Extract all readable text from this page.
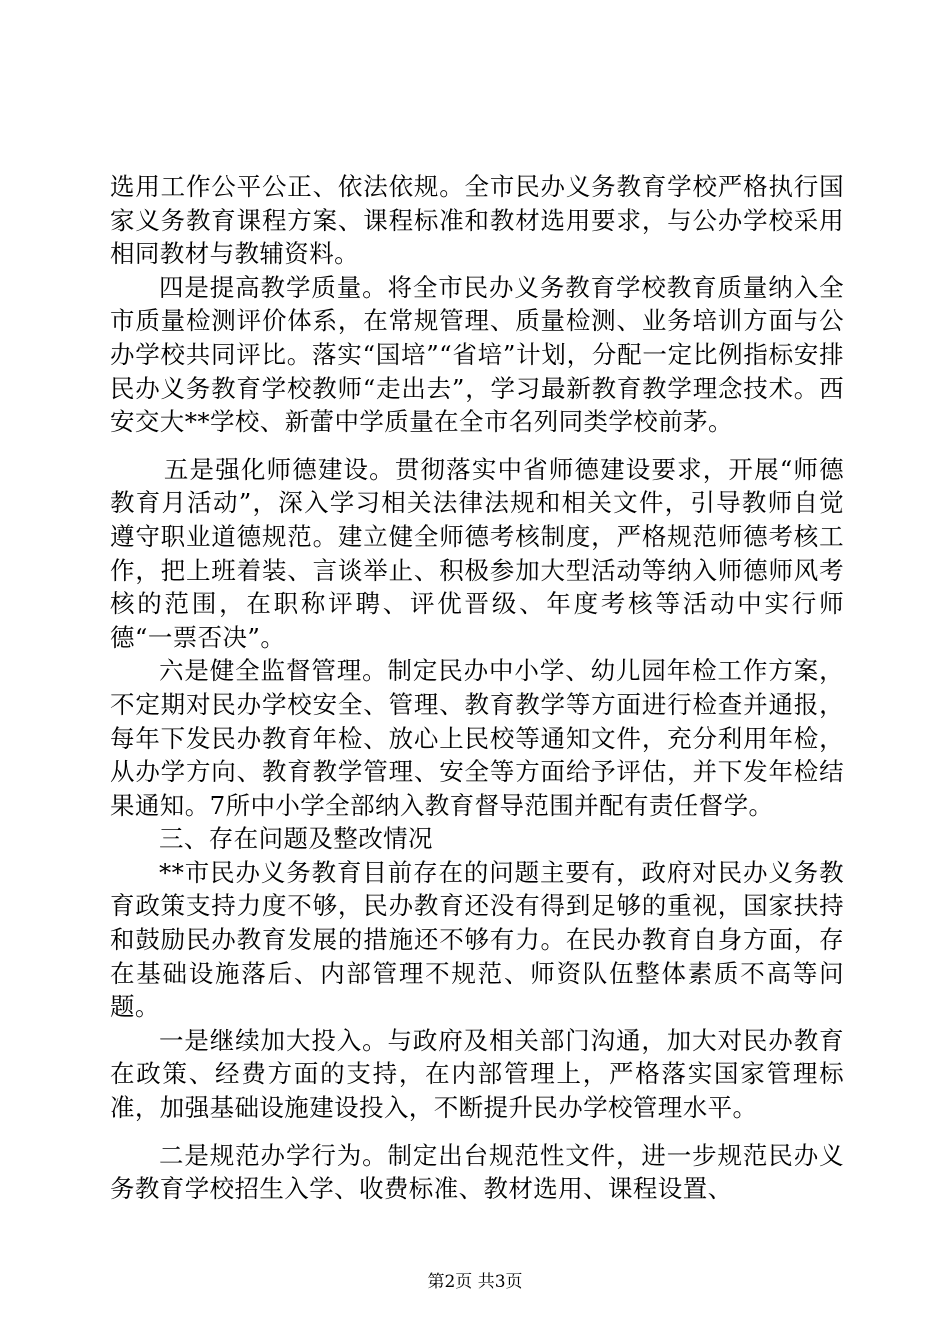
选用工作公平公正、依法依规。全市民办义务教育学校严格执行国家义务教育课程方案、课程标准和教材选用要求，与公办学校采用相同教材与教辅资料。

四是提高教学质量。将全市民办义务教育学校教育质量纳入全市质量检测评价体系，在常规管理、质量检测、业务培训方面与公办学校共同评比。落实“国培”“省培”计划，分配一定比例指标安排民办义务教育学校教师“走出去”，学习最新教育教学理念技术。西安交大**学校、新蕾中学质量在全市名列同类学校前茅。

五是强化师德建设。贯彻落实中省师德建设要求，开展“师德教育月活动”，深入学习相关法律法规和相关文件，引导教师自觉遵守职业道德规范。建立健全师德考核制度，严格规范师德考核工作，把上班着装、言谈举止、积极参加大型活动等纳入师德师风考核的范围，在职称评聘、评优晋级、年度考核等活动中实行师德“一票否决”。

六是健全监督管理。制定民办中小学、幼儿园年检工作方案，不定期对民办学校安全、管理、教育教学等方面进行检查并通报，每年下发民办教育年检、放心上民校等通知文件，充分利用年检，从办学方向、教育教学管理、安全等方面给予评估，并下发年检结果通知。7所中小学全部纳入教育督导范围并配有责任督学。

三、存在问题及整改情况

**市民办义务教育目前存在的问题主要有，政府对民办义务教育政策支持力度不够，民办教育还没有得到足够的重视，国家扶持和鼓励民办教育发展的措施还不够有力。在民办教育自身方面，存在基础设施落后、内部管理不规范、师资队伍整体素质不高等问题。

一是继续加大投入。与政府及相关部门沟通，加大对民办教育在政策、经费方面的支持，在内部管理上，严格落实国家管理标准，加强基础设施建设投入，不断提升民办学校管理水平。

二是规范办学行为。制定出台规范性文件，进一步规范民办义务教育学校招生入学、收费标准、教材选用、课程设置、

第2页 共3页
